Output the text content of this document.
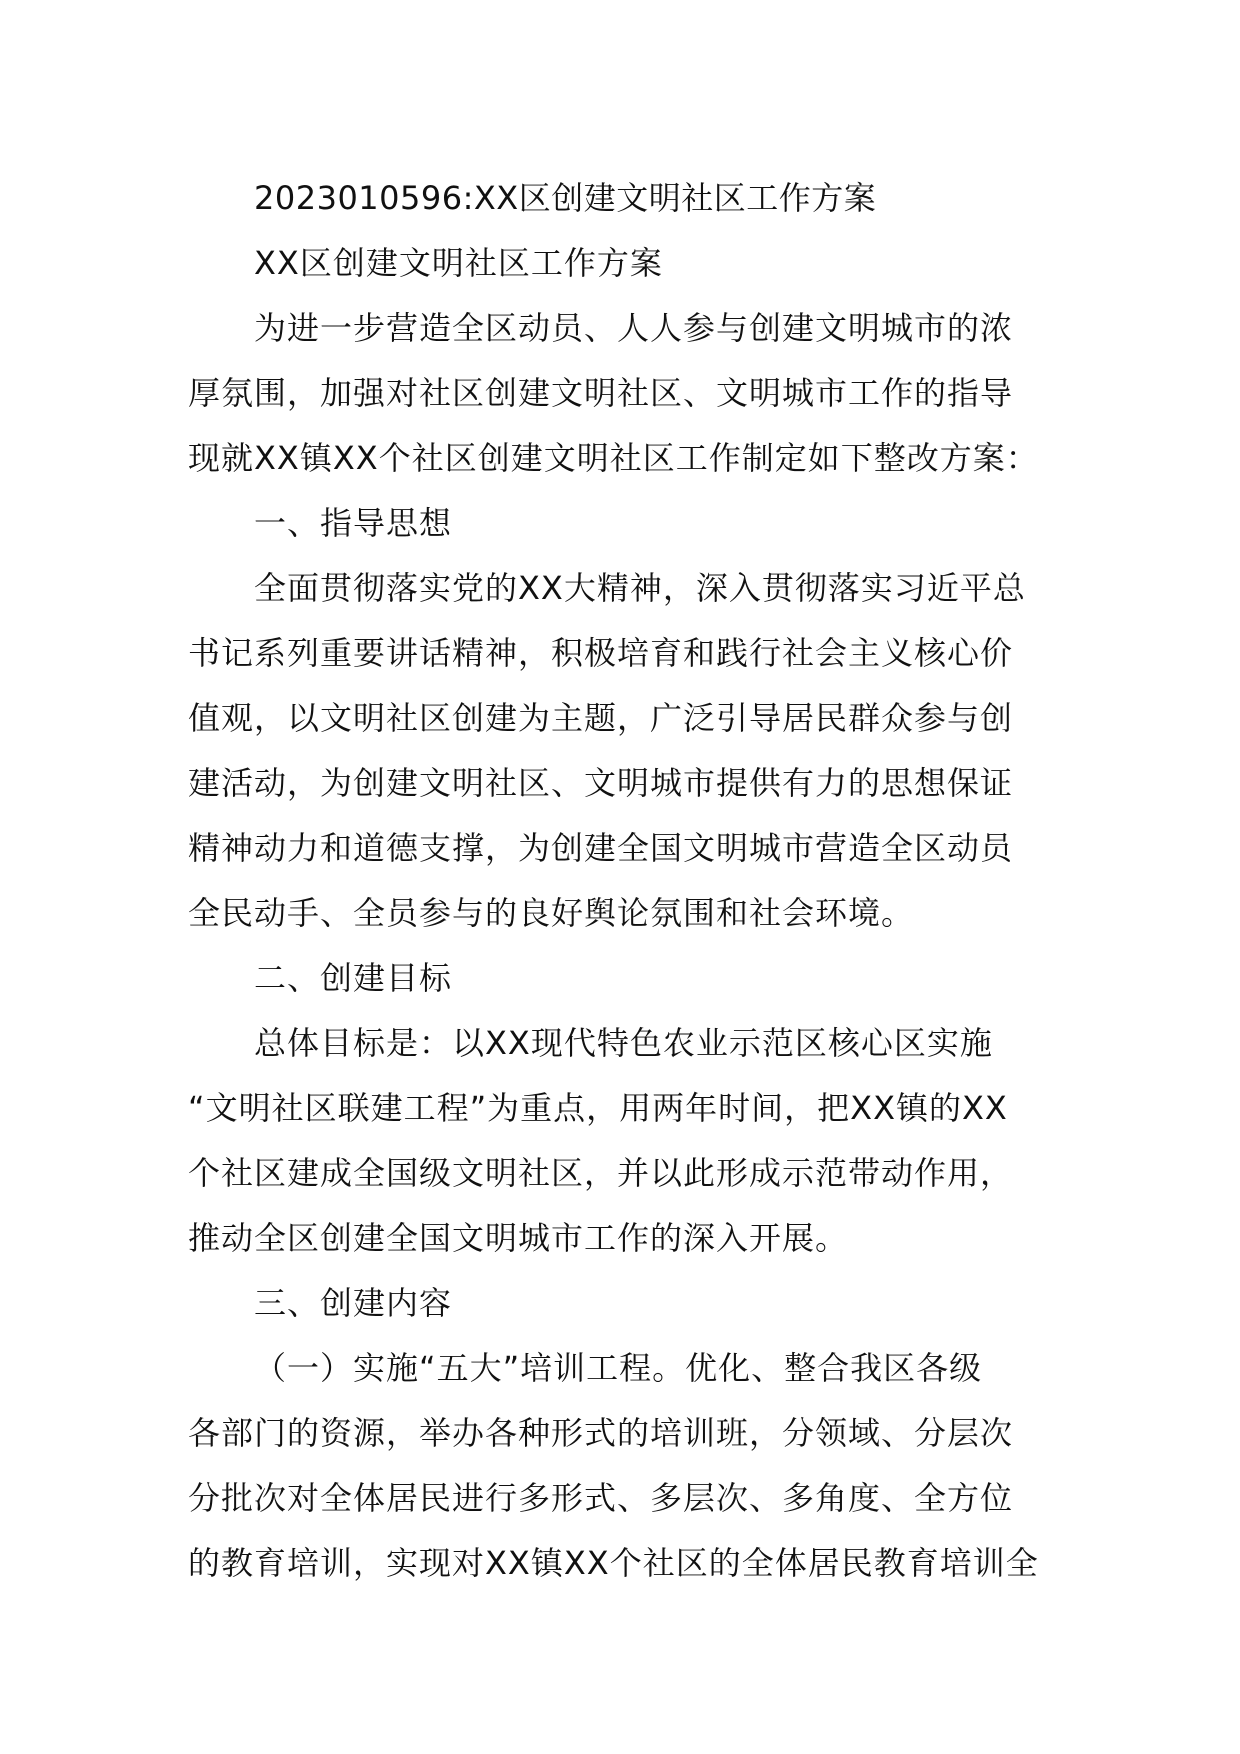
2023010596:XX区创建文明社区工作方案
XX区创建文明社区工作方案
为进一步营造全区动员、人人参与创建文明城市的浓
厚氛围，加强对社区创建文明社区、文明城市工作的指导
现就XX镇XX个社区创建文明社区工作制定如下整改方案：
一、指导思想
全面贯彻落实党的XX大精神，深入贯彻落实习近平总
书记系列重要讲话精神，积极培育和践行社会主义核心价
值观，以文明社区创建为主题，广泛引导居民群众参与创
建活动，为创建文明社区、文明城市提供有力的思想保证
精神动力和道德支撑，为创建全国文明城市营造全区动员
全民动手、全员参与的良好舆论氛围和社会环境。
二、创建目标
总体目标是：以XX现代特色农业示范区核心区实施
“文明社区联建工程”为重点，用两年时间，把XX镇的XX
个社区建成全国级文明社区，并以此形成示范带动作用，
推动全区创建全国文明城市工作的深入开展。
三、创建内容
（一）实施“五大”培训工程。优化、整合我区各级
各部门的资源，举办各种形式的培训班，分领域、分层次
分批次对全体居民进行多形式、多层次、多角度、全方位
的教育培训，实现对XX镇XX个社区的全体居民教育培训全
